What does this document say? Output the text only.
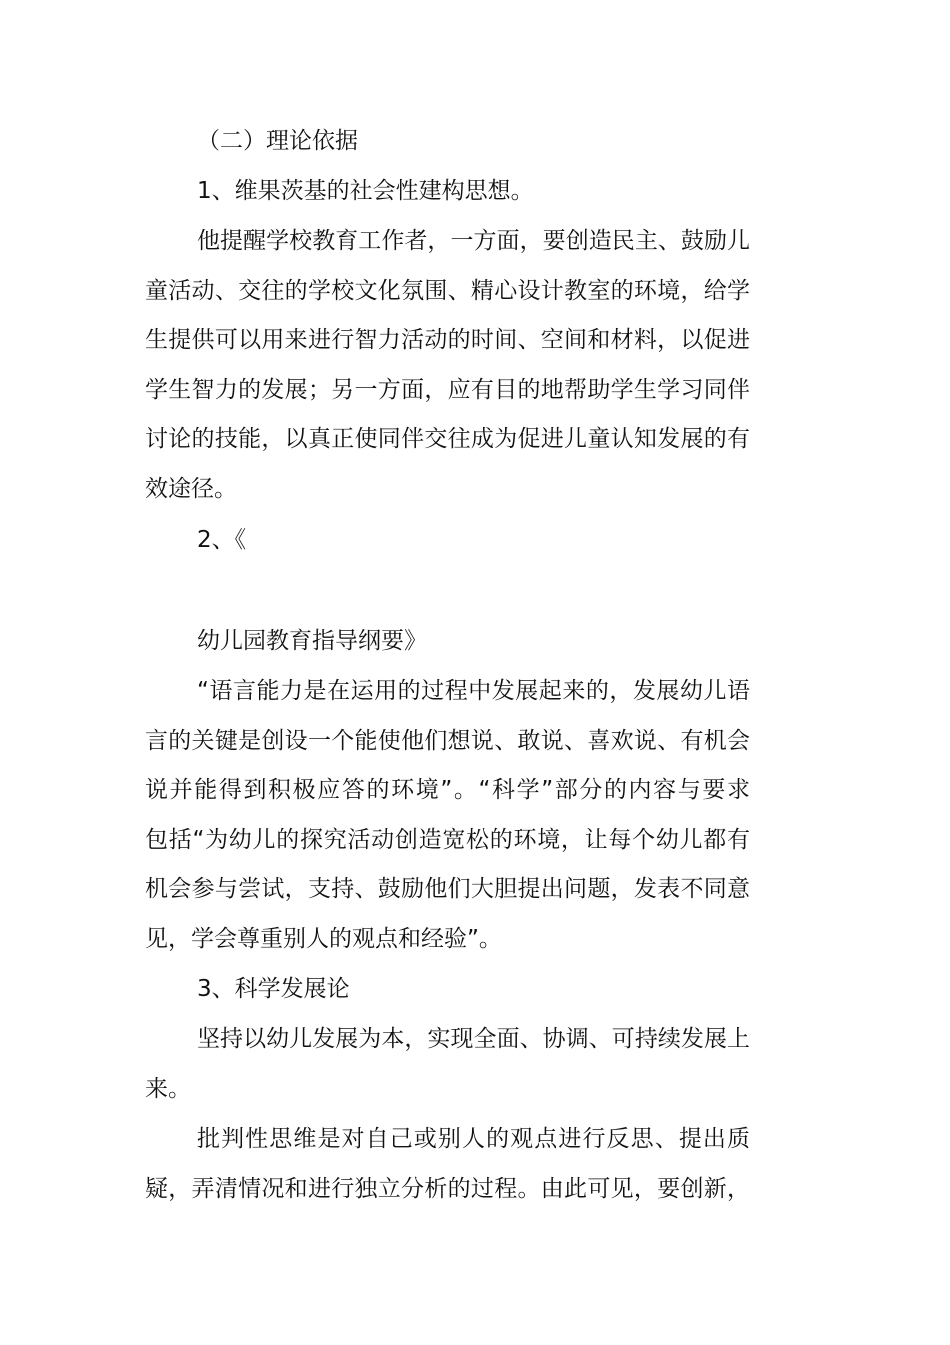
（二）理论依据

1、维果茨基的社会性建构思想。

他提醒学校教育工作者，一方面，要创造民主、鼓励儿
童活动、交往的学校文化氛围、精心设计教室的环境，给学
生提供可以用来进行智力活动的时间、空间和材料，以促进
学生智力的发展；另一方面，应有目的地帮助学生学习同伴
讨论的技能，以真正使同伴交往成为促进儿童认知发展的有
效途径。

2、《

幼儿园教育指导纲要》

“语言能力是在运用的过程中发展起来的，发展幼儿语
言的关键是创设一个能使他们想说、敢说、喜欢说、有机会
说并能得到积极应答的环境”。“科学”部分的内容与要求
包括“为幼儿的探究活动创造宽松的环境，让每个幼儿都有
机会参与尝试，支持、鼓励他们大胆提出问题，发表不同意
见，学会尊重别人的观点和经验”。

3、科学发展论

坚持以幼儿发展为本，实现全面、协调、可持续发展上
来。
批判性思维是对自己或别人的观点进行反思、提出质
疑，弄清情况和进行独立分析的过程。由此可见，要创新，
